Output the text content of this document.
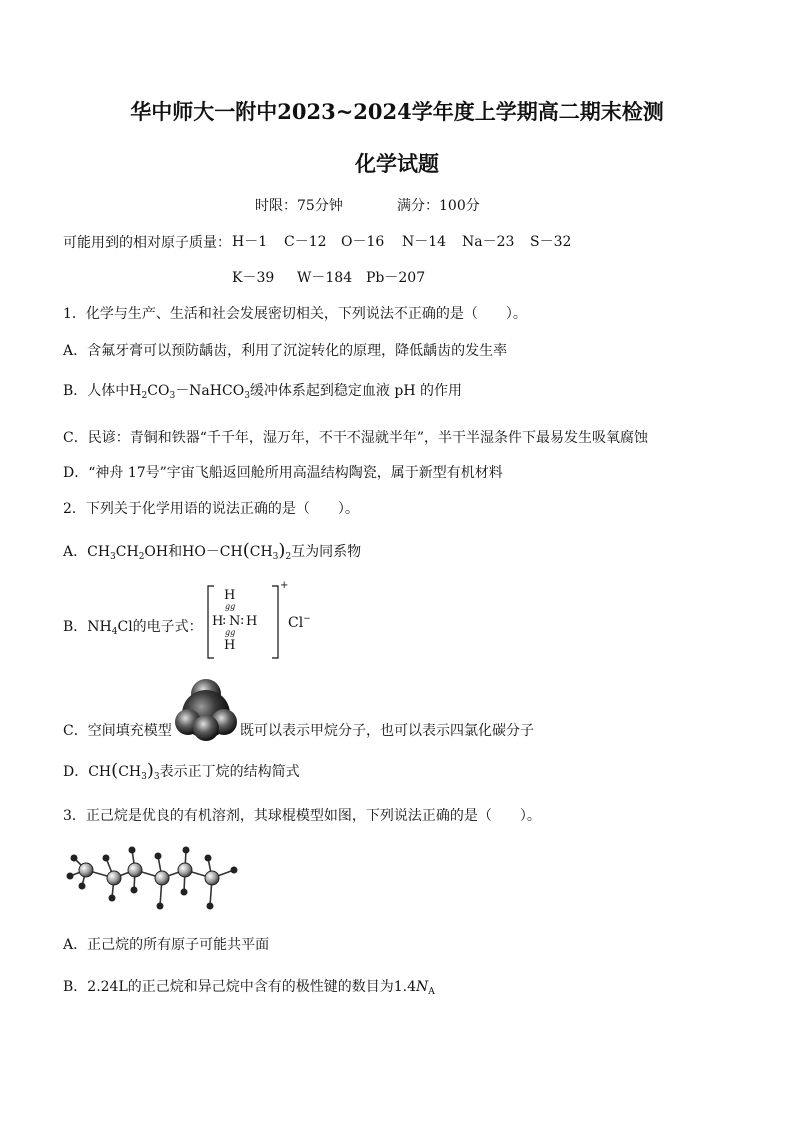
华中师大一附中2023~2024学年度上学期高二期末检测
化学试题
时限：75分钟	满分：100分
可能用到的相对原子质量： H－1 C－12 O－16 N－14 Na－23 S－32
K－39 W－184 Pb－207
1．化学与生产、生活和社会发展密切相关，下列说法不正确的是（　　）。
A．含氟牙膏可以预防龋齿，利用了沉淀转化的原理，降低龋齿的发生率
B．人体中$H_2CO_3-NaHCO_3$缓冲体系起到稳定血液 pH 的作用
C．民谚：青铜和铁器“千千年，湿万年，不干不湿就半年”，半干半湿条件下最易发生吸氧腐蚀
D．“神舟 17号”宇宙飞船返回舱所用高温结构陶瓷，属于新型有机材料
2．下列关于化学用语的说法正确的是（　　）。
A．$CH_3CH_2OH$和$HO-CH(CH_3)_2$互为同系物
B．$NH_4Cl$的电子式：
H
gg
H
: N : H
gg
H
+
Cl−
C．空间填充模型	既可以表示甲烷分子，也可以表示四氯化碳分子
D．$CH(CH_3)_3$表示正丁烷的结构简式
3．正己烷是优良的有机溶剂，其球棍模型如图，下列说法正确的是（　　）。
A．正己烷的所有原子可能共平面
B．2.24L的正己烷和异己烷中含有的极性键的数目为$1.4N_A$
